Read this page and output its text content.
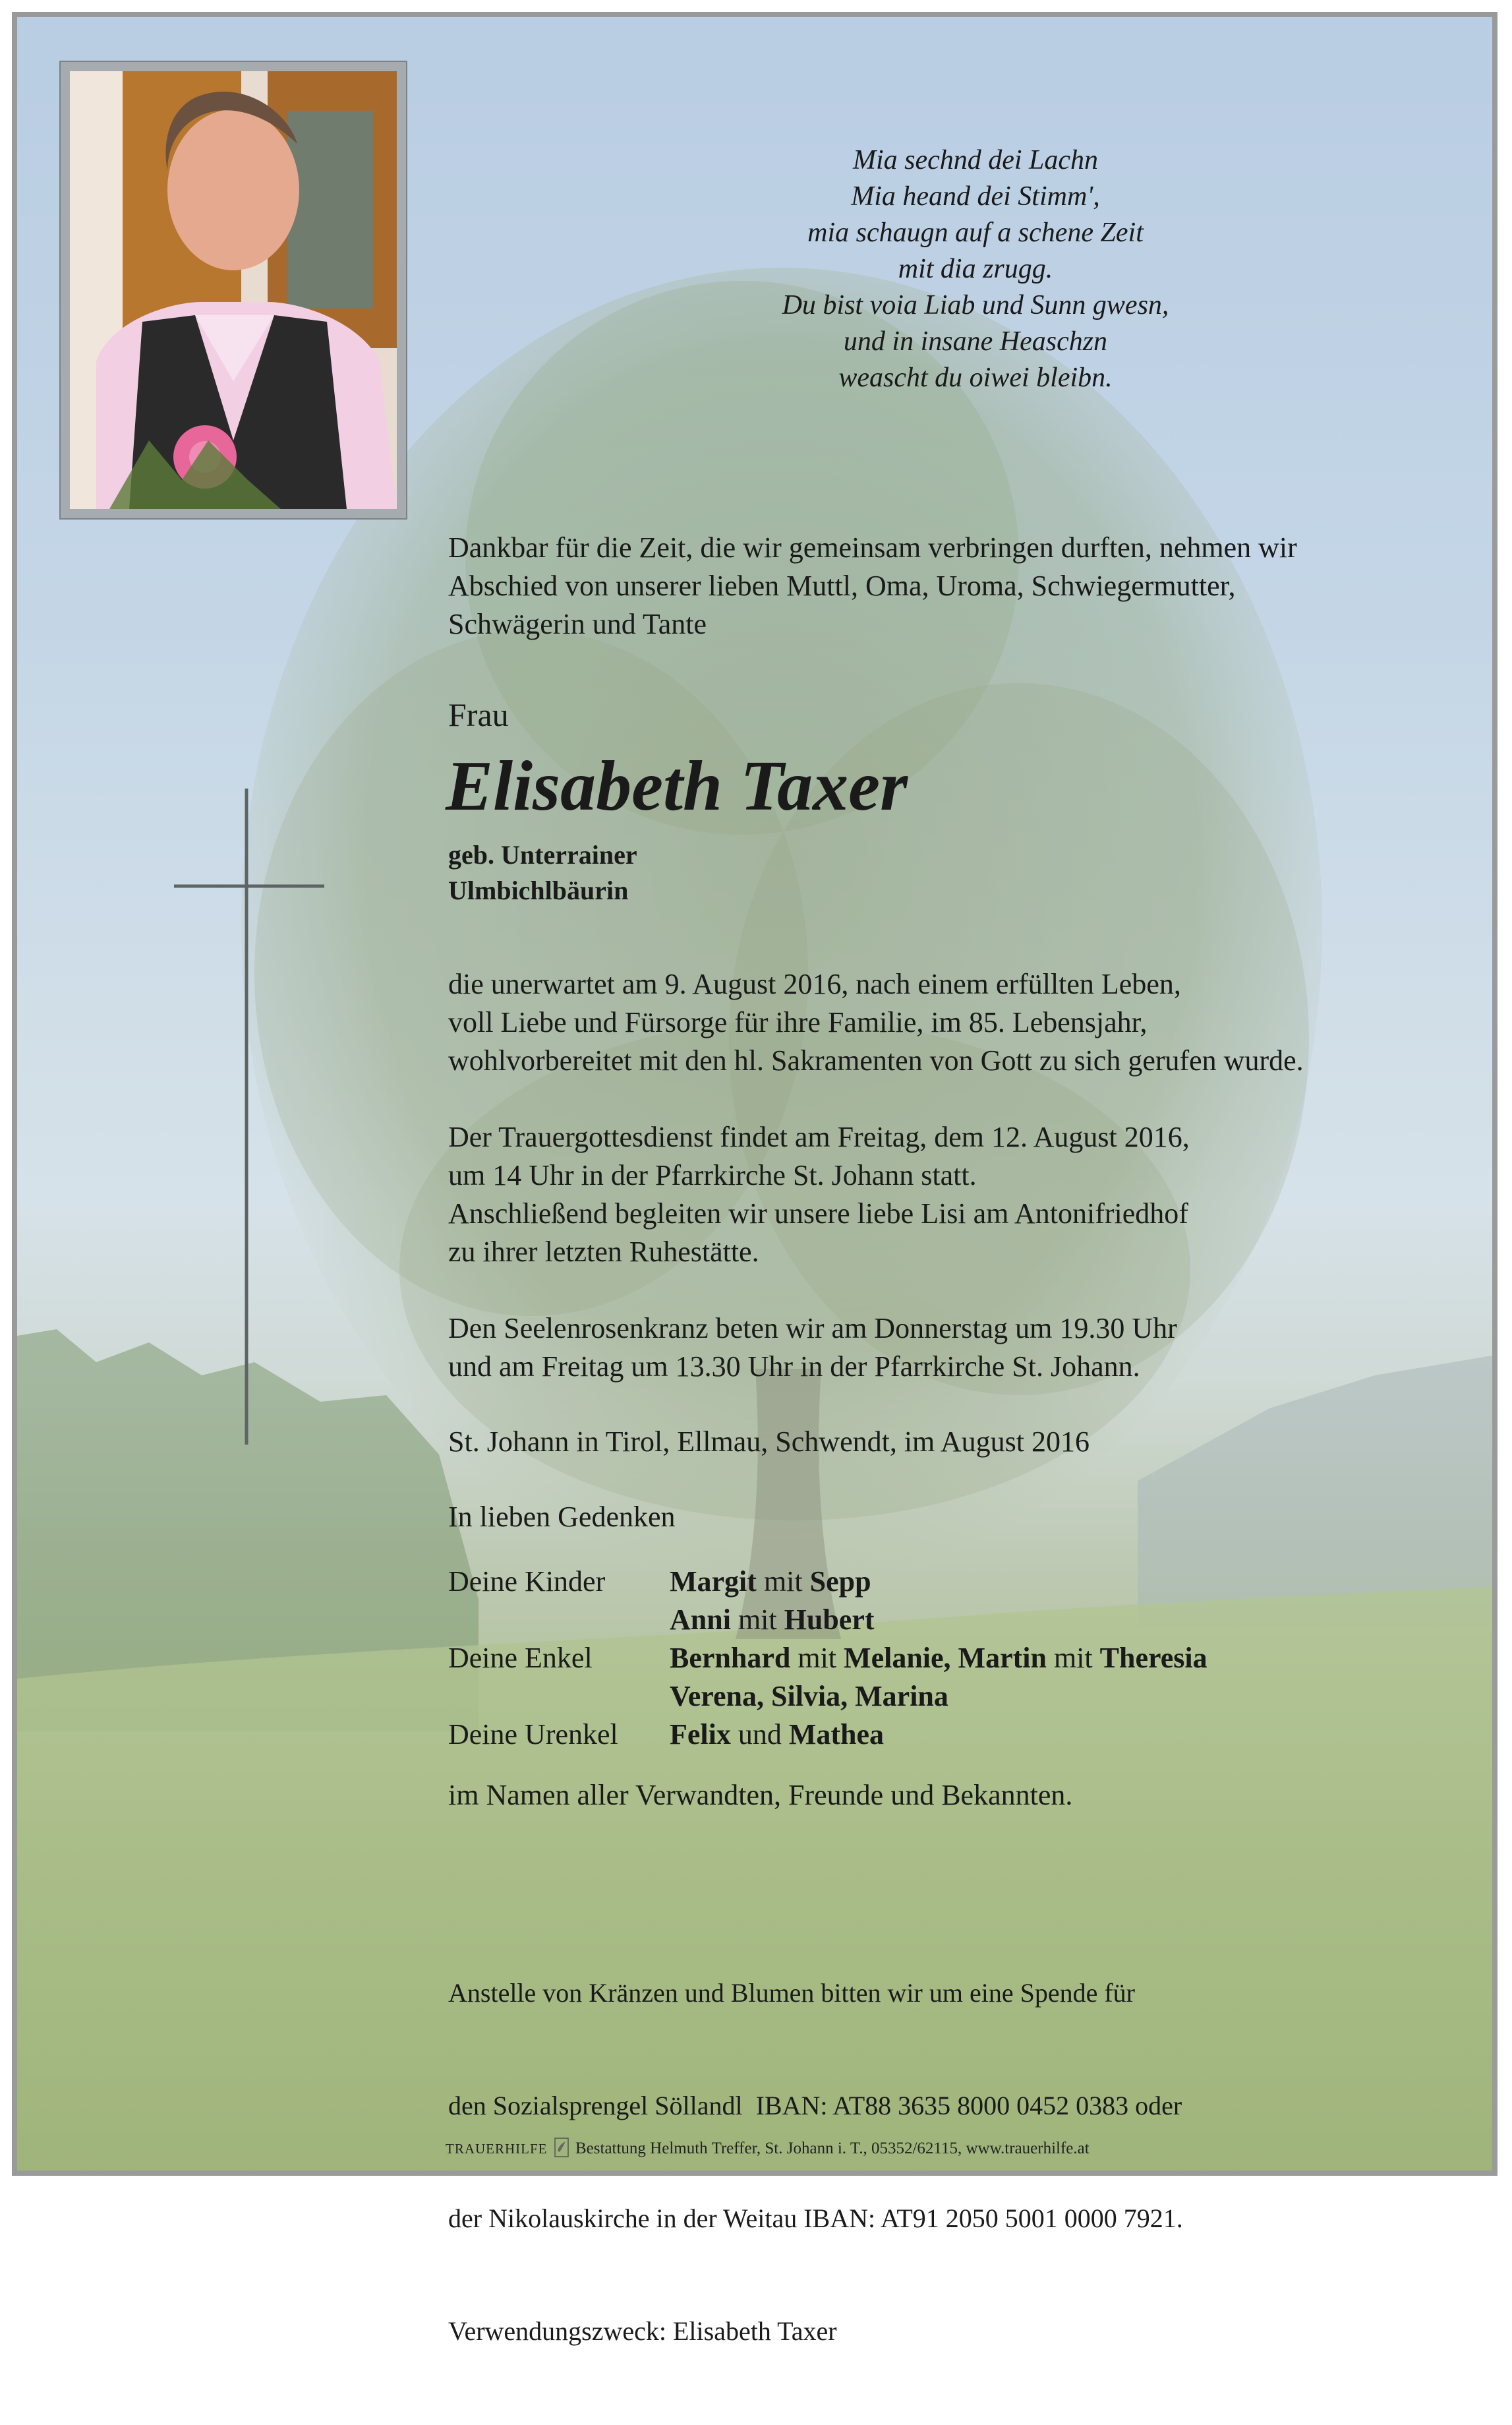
Mia sechnd dei Lachn
Mia heand dei Stimm',
mia schaugn auf a schene Zeit
mit dia zrugg.
Du bist voia Liab und Sunn gwesn,
und in insane Heaschzn
weascht du oiwei bleibn.
Dankbar für die Zeit, die wir gemeinsam verbringen durften, nehmen wir
Abschied von unserer lieben Muttl, Oma, Uroma, Schwiegermutter,
Schwägerin und Tante
Frau
Elisabeth Taxer
geb. Unterrainer
Ulmbichlbäurin
die unerwartet am 9. August 2016, nach einem erfüllten Leben,
voll Liebe und Fürsorge für ihre Familie, im 85. Lebensjahr,
wohlvorbereitet mit den hl. Sakramenten von Gott zu sich gerufen wurde.
Der Trauergottesdienst findet am Freitag, dem 12. August 2016,
um 14 Uhr in der Pfarrkirche St. Johann statt.
Anschließend begleiten wir unsere liebe Lisi am Antonifriedhof
zu ihrer letzten Ruhestätte.
Den Seelenrosenkranz beten wir am Donnerstag um 19.30 Uhr
und am Freitag um 13.30 Uhr in der Pfarrkirche St. Johann.
St. Johann in Tirol, Ellmau, Schwendt, im August 2016
In lieben Gedenken
Deine Kinder Margit mit Sepp
Anni mit Hubert
Deine Enkel	Bernhard mit Melanie, Martin mit Theresia
Verena, Silvia, Marina
Deine Urenkel Felix und Mathea
im Namen aller Verwandten, Freunde und Bekannten.

Anstelle von Kränzen und Blumen bitten wir um eine Spende für

den Sozialsprengel Söllandl  IBAN: AT88 3635 8000 0452 0383 oder

der Nikolauskirche in der Weitau IBAN: AT91 2050 5001 0000 7921.

Verwendungszweck: Elisabeth Taxer

TRAUERHILFE Bestattung Helmuth Treffer, St. Johann i. T., 05352/62115, www.trauerhilfe.at
